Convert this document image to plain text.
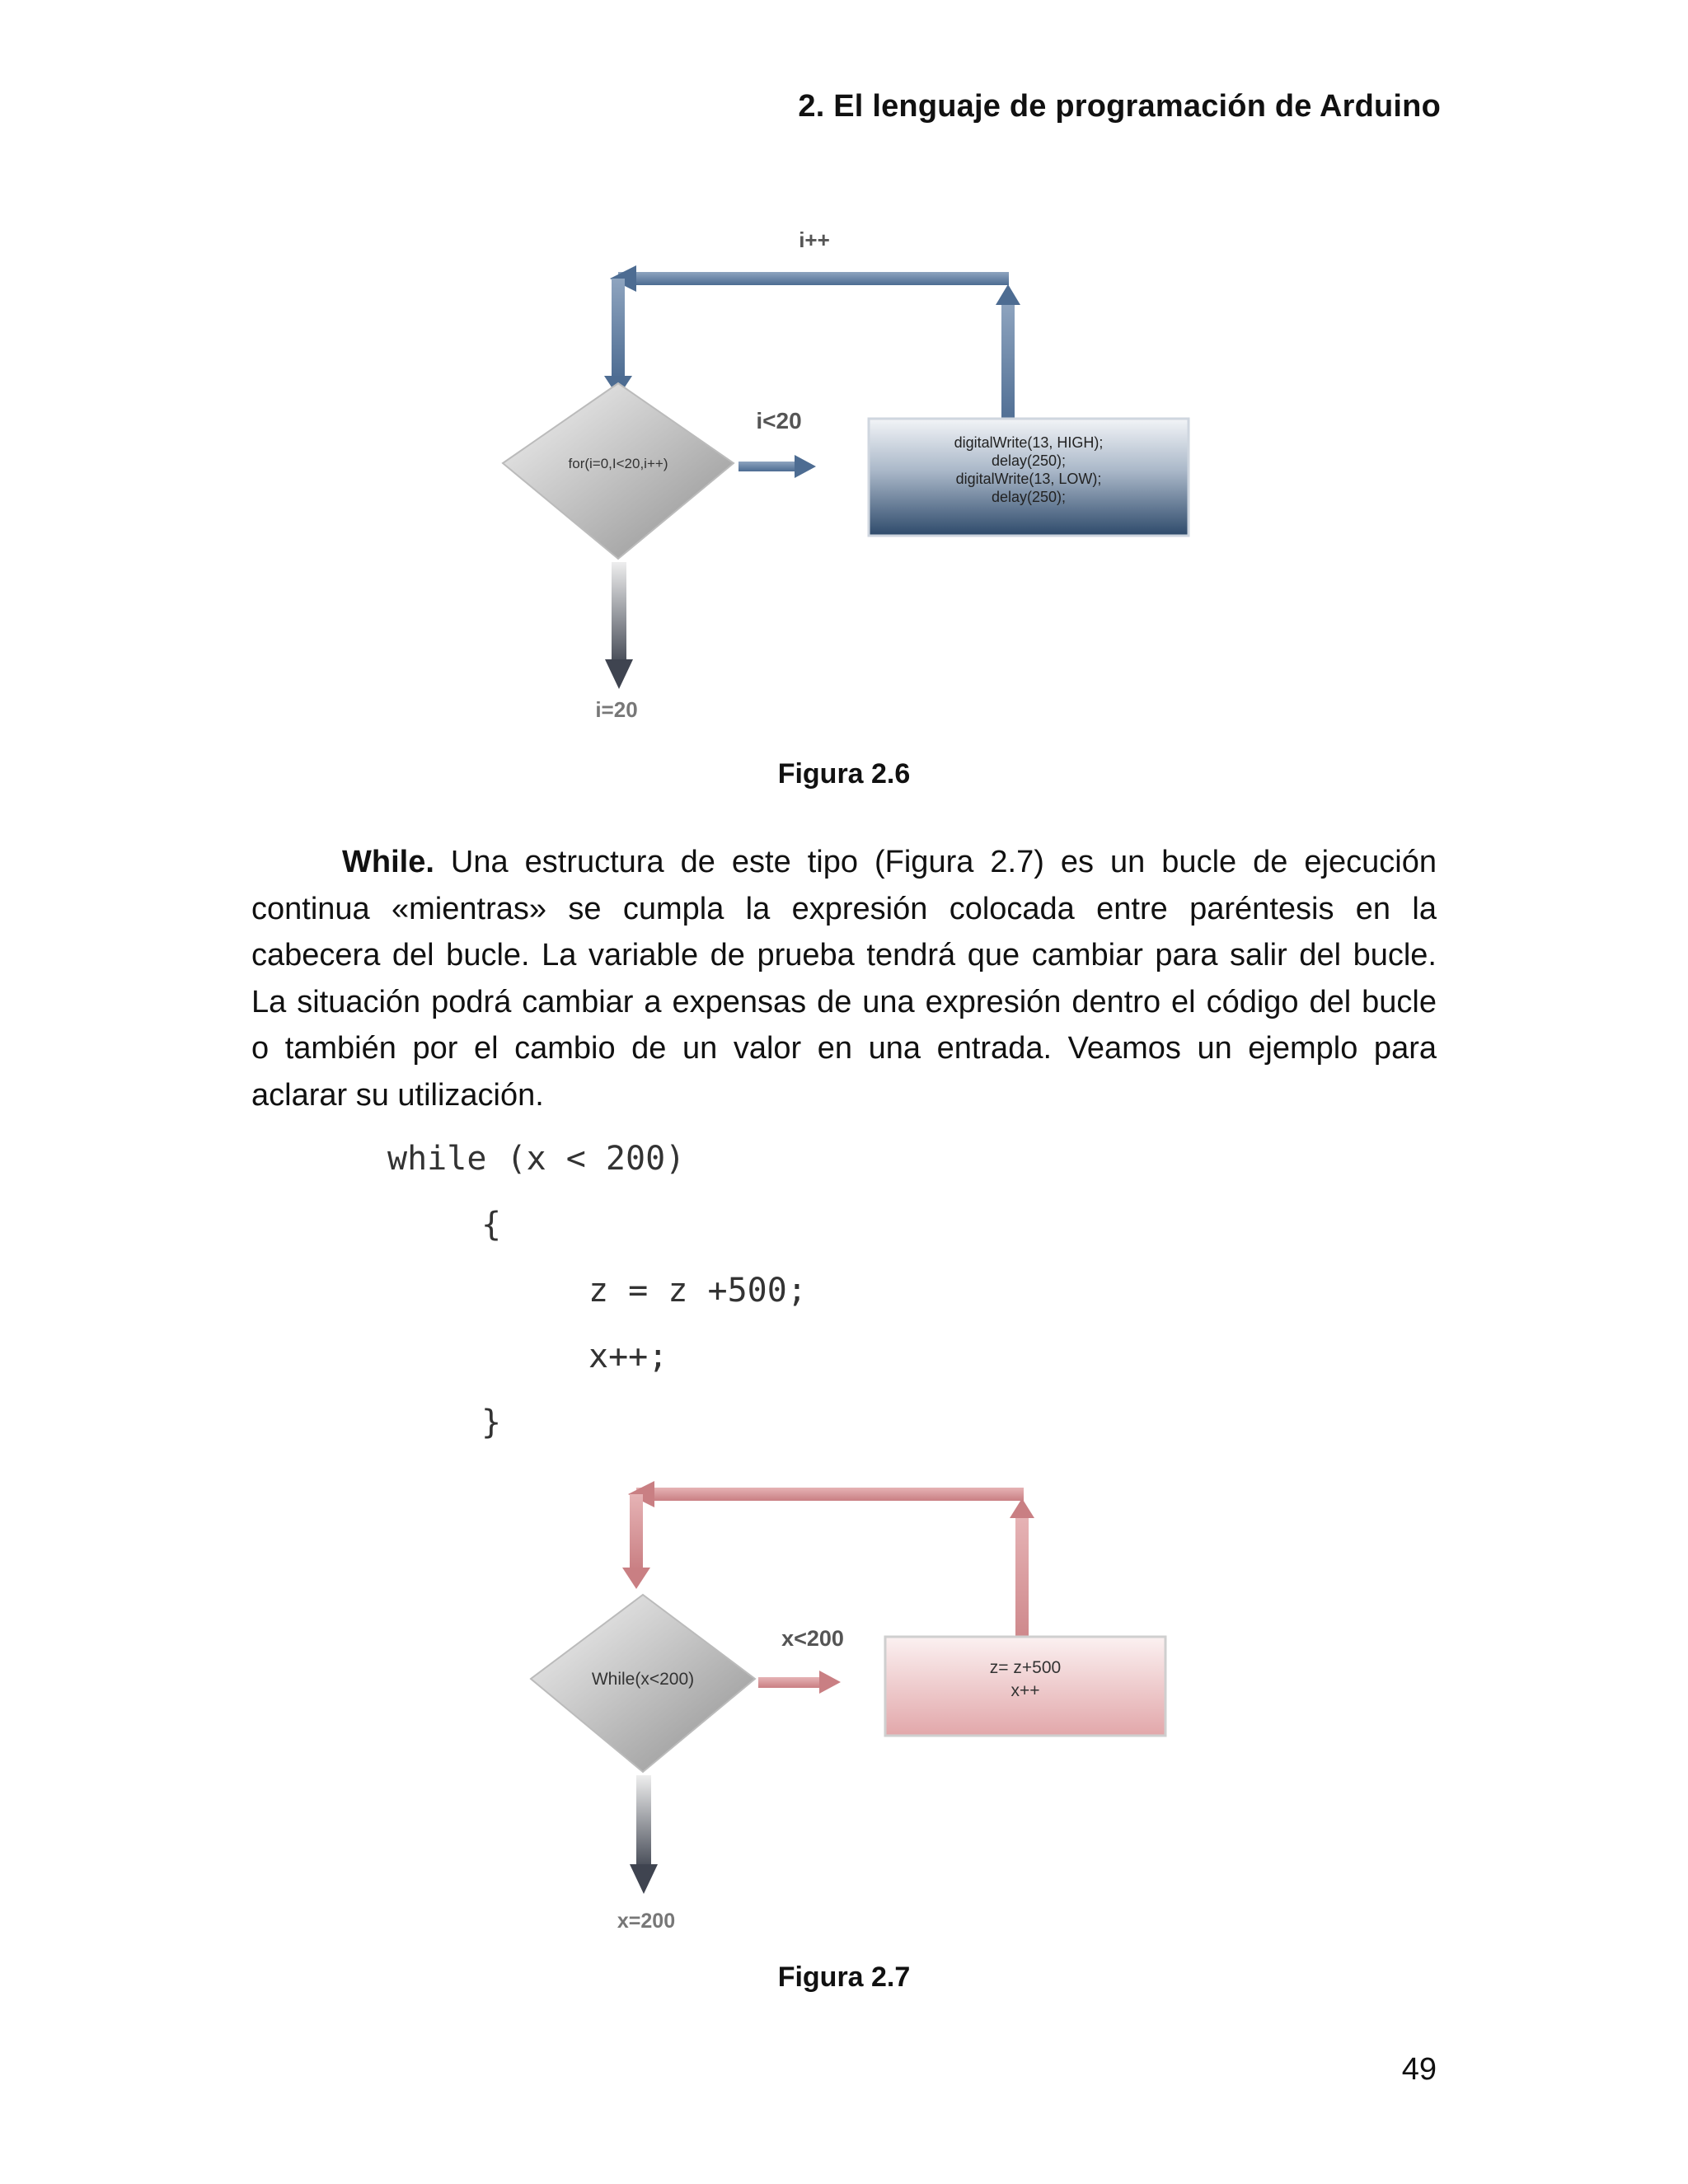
2. El lenguaje de programación de Arduino
i++
for(i=0,I<20,i++)
i<20
digitalWrite(13, HIGH);
delay(250);
digitalWrite(13, LOW);
delay(250);
i=20
Figura 2.6

While. Una estructura de este tipo (Figura 2.7) es un bucle de ejecución continua «mientras» se cumpla la expresión colocada entre paréntesis en la cabecera del bucle. La variable de prueba tendrá que cambiar para salir del bucle. La situación podrá cambiar a expensas de una expresión dentro el código del bucle o también por el cambio de un valor en una entrada. Veamos un ejemplo para aclarar su utilización.

while (x < 200)
{
z = z +500;
x++;
}
While(x<200)
x<200
z= z+500
x++
x=200
Figura 2.7
49
